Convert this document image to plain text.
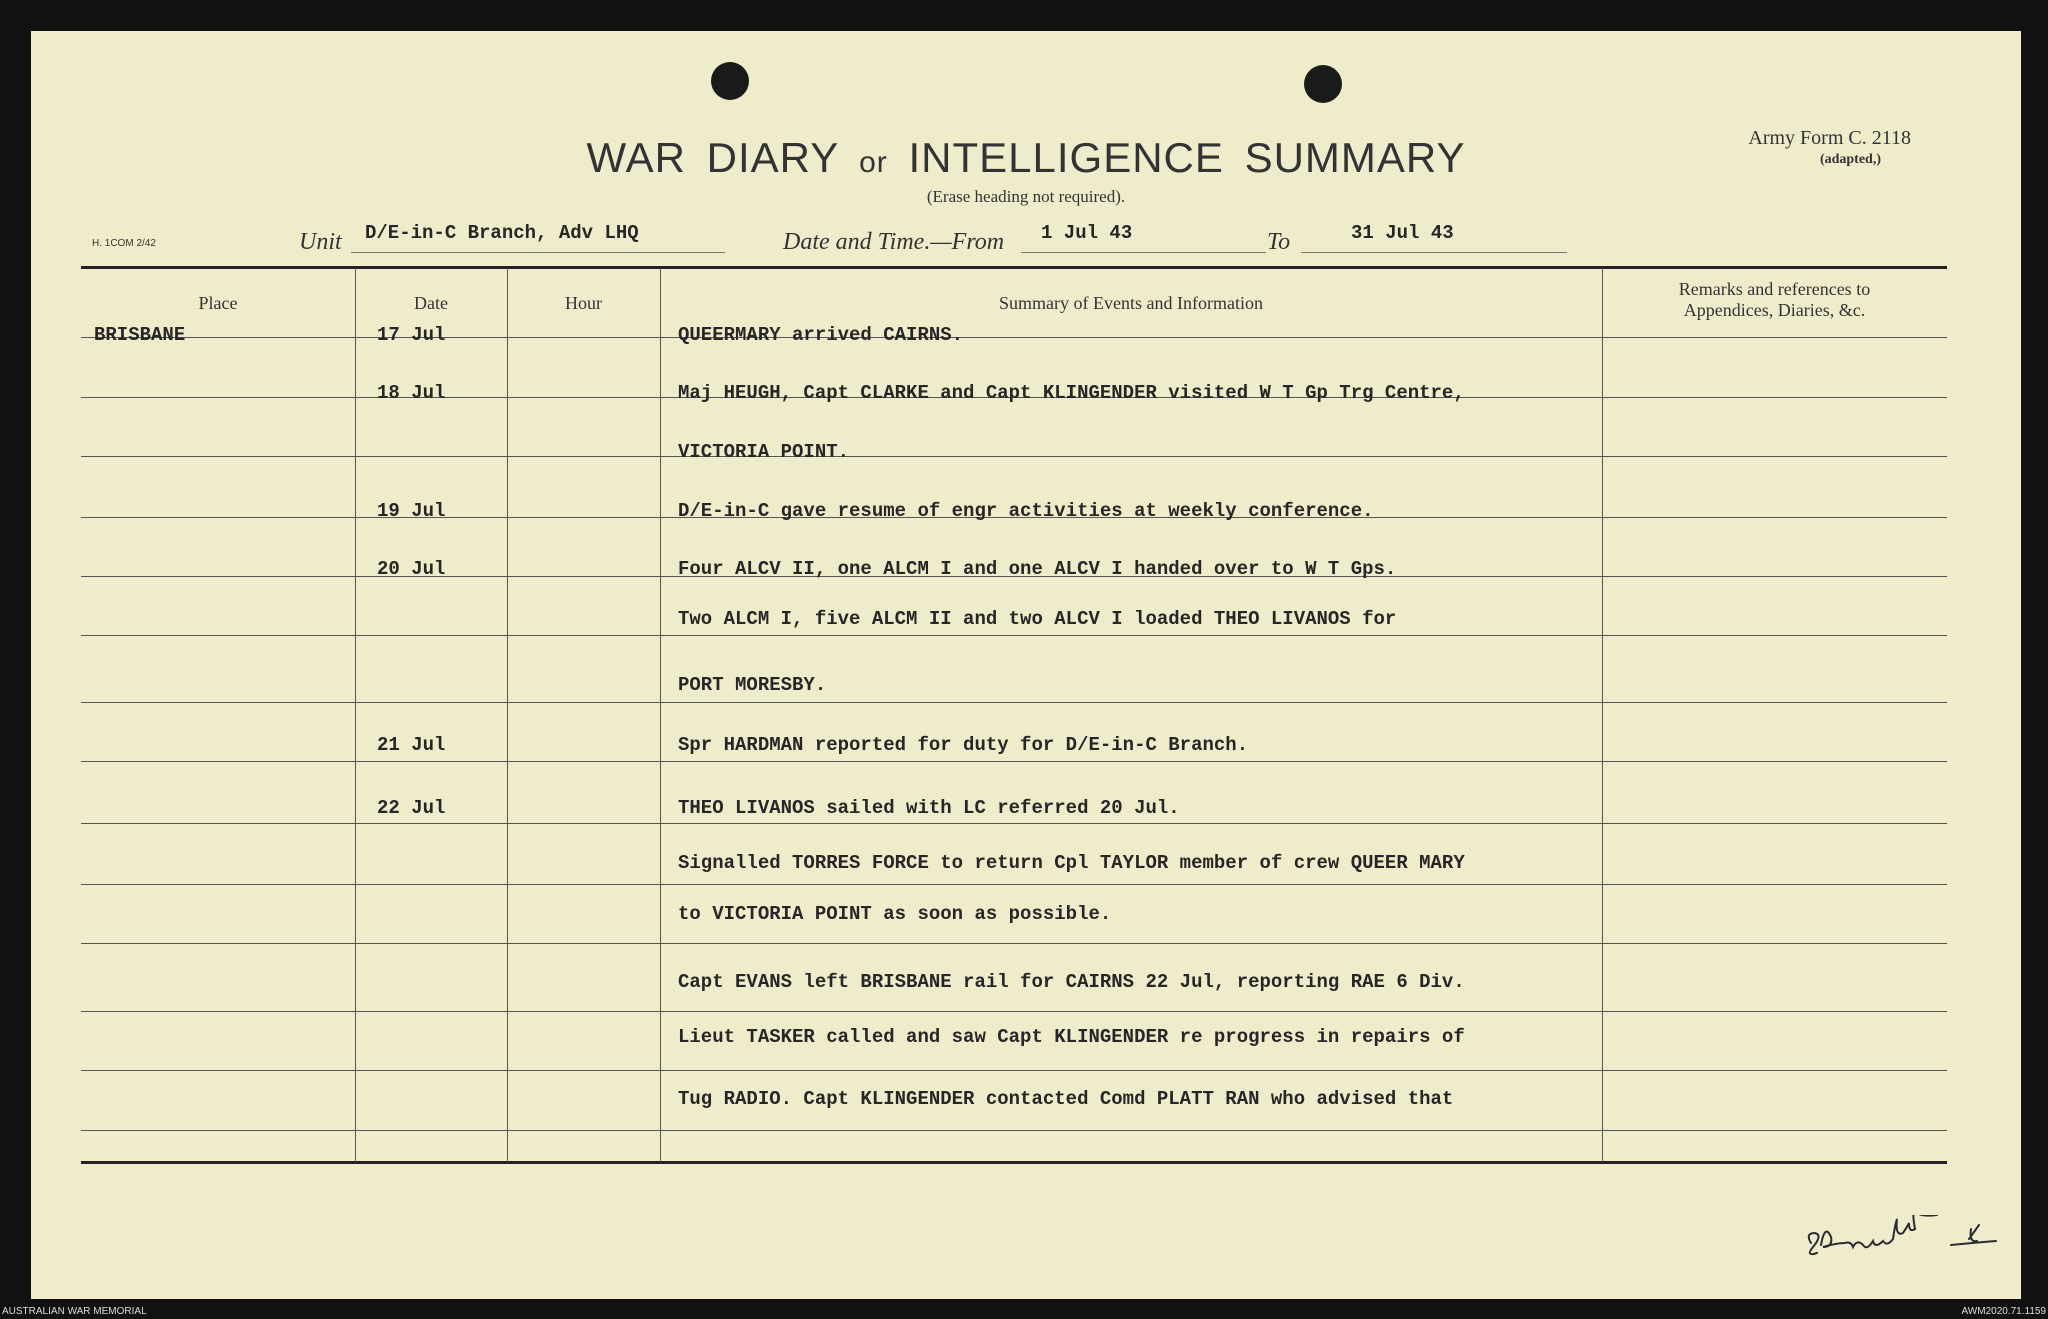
WAR DIARY or INTELLIGENCE SUMMARY
(Erase heading not required).
Army Form C. 2118
(adapted,)
H. 1COM 2/42	Unit D/E-in-C Branch, Adv LHQ	Date and Time.—From 1 Jul 43	To	31 Jul 43
Place	Date	Hour	Summary of Events and Information
Remarks and references to
Appendices, Diaries, &c.
BRISBANE	17 Jul	QUEERMARY arrived CAIRNS.
18 Jul	Maj HEUGH, Capt CLARKE and Capt KLINGENDER visited W T Gp Trg Centre,
VICTORIA POINT.
19 Jul	D/E-in-C gave resume of engr activities at weekly conference.
20 Jul	Four ALCV II, one ALCM I and one ALCV I handed over to W T Gps.
Two ALCM I, five ALCM II and two ALCV I loaded THEO LIVANOS for
PORT MORESBY.
21 Jul	Spr HARDMAN reported for duty for D/E-in-C Branch.
22 Jul	THEO LIVANOS sailed with LC referred 20 Jul.
Signalled TORRES FORCE to return Cpl TAYLOR member of crew QUEER MARY
to VICTORIA POINT as soon as possible.
Capt EVANS left BRISBANE rail for CAIRNS 22 Jul, reporting RAE 6 Div.
Lieut TASKER called and saw Capt KLINGENDER re progress in repairs of
Tug RADIO. Capt KLINGENDER contacted Comd PLATT RAN who advised that
AUSTRALIAN WAR MEMORIAL	AWM2020.71.1159
